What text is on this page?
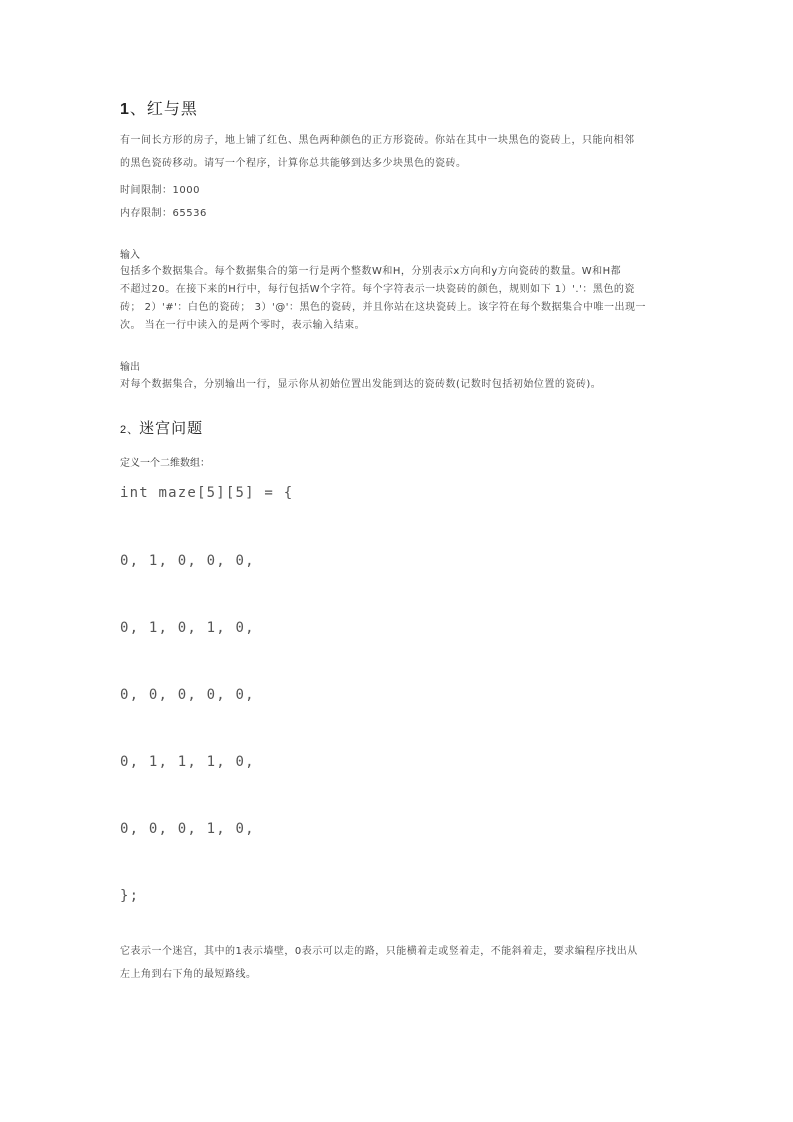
1、红与黑
有一间长方形的房子，地上铺了红色、黑色两种颜色的正方形瓷砖。你站在其中一块黑色的瓷砖上，只能向相邻
的黑色瓷砖移动。请写一个程序，计算你总共能够到达多少块黑色的瓷砖。
时间限制：1000
内存限制：65536
输入
包括多个数据集合。每个数据集合的第一行是两个整数W和H，分别表示x方向和y方向瓷砖的数量。W和H都
不超过20。在接下来的H行中，每行包括W个字符。每个字符表示一块瓷砖的颜色，规则如下 1）'.'：黑色的瓷
砖； 2）'#'：白色的瓷砖； 3）'@'：黑色的瓷砖，并且你站在这块瓷砖上。该字符在每个数据集合中唯一出现一
次。 当在一行中读入的是两个零时，表示输入结束。
输出
对每个数据集合，分别输出一行，显示你从初始位置出发能到达的瓷砖数(记数时包括初始位置的瓷砖)。
2、迷宫问题
定义一个二维数组：
int maze[5][5] = {
0, 1, 0, 0, 0,
0, 1, 0, 1, 0,
0, 0, 0, 0, 0,
0, 1, 1, 1, 0,
0, 0, 0, 1, 0,
};
它表示一个迷宫，其中的1表示墙壁，0表示可以走的路，只能横着走或竖着走，不能斜着走，要求编程序找出从
左上角到右下角的最短路线。
